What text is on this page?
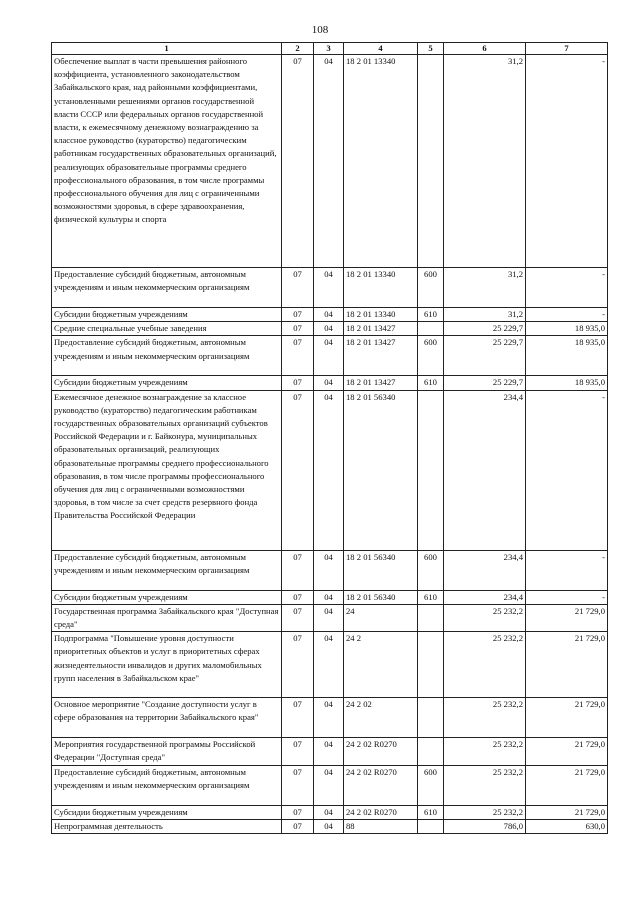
108
1	2	3	4	5	6	7
Обеспечение выплат в части превышения районного коэффициента, установленного законодательством Забайкальского края, над районными коэффициентами, установленными решениями органов государственной власти СССР или федеральных органов государственной власти, к ежемесячному денежному вознаграждению за классное руководство (кураторство) педагогическим работникам государственных образовательных организаций, реализующих образовательные программы среднего профессионального образования, в том числе программы профессионального обучения для лиц с ограниченными возможностями здоровья, в сфере здравоохранения, физической культуры и спорта	07	04	18 2 01 13340		31,2	-
Предоставление субсидий бюджетным, автономным учреждениям и иным некоммерческим организациям	07	04	18 2 01 13340	600	31,2	-
Субсидии бюджетным учреждениям	07	04	18 2 01 13340	610	31,2	-
Средние специальные учебные заведения	07	04	18 2 01 13427		25 229,7	18 935,0
Предоставление субсидий бюджетным, автономным учреждениям и иным некоммерческим организациям	07	04	18 2 01 13427	600	25 229,7	18 935,0
Субсидии бюджетным учреждениям	07	04	18 2 01 13427	610	25 229,7	18 935,0
Ежемесячное денежное вознаграждение за классное руководство (кураторство) педагогическим работникам государственных образовательных организаций субъектов Российской Федерации и г. Байконура, муниципальных образовательных организаций, реализующих образовательные программы среднего профессионального образования, в том числе программы профессионального обучения для лиц с ограниченными возможностями здоровья, в том числе за счет средств резервного фонда Правительства Российской Федерации	07	04	18 2 01 56340		234,4	-
Предоставление субсидий бюджетным, автономным учреждениям и иным некоммерческим организациям	07	04	18 2 01 56340	600	234,4	-
Субсидии бюджетным учреждениям	07	04	18 2 01 56340	610	234,4	-
Государственная программа Забайкальского края "Доступная среда"	07	04	24		25 232,2	21 729,0
Подпрограмма "Повышение уровня доступности приоритетных объектов и услуг в приоритетных сферах жизнедеятельности инвалидов и других маломобильных групп населения в Забайкальском крае"	07	04	24 2		25 232,2	21 729,0
Основное мероприятие "Создание доступности услуг в сфере образования на территории Забайкальского края"	07	04	24 2 02		25 232,2	21 729,0
Мероприятия государственной программы Российской Федерации "Доступная среда"	07	04	24 2 02 R0270		25 232,2	21 729,0
Предоставление субсидий бюджетным, автономным учреждениям и иным некоммерческим организациям	07	04	24 2 02 R0270	600	25 232,2	21 729,0
Субсидии бюджетным учреждениям	07	04	24 2 02 R0270	610	25 232,2	21 729,0
Непрограммная деятельность	07	04	88		786,0	630,0
